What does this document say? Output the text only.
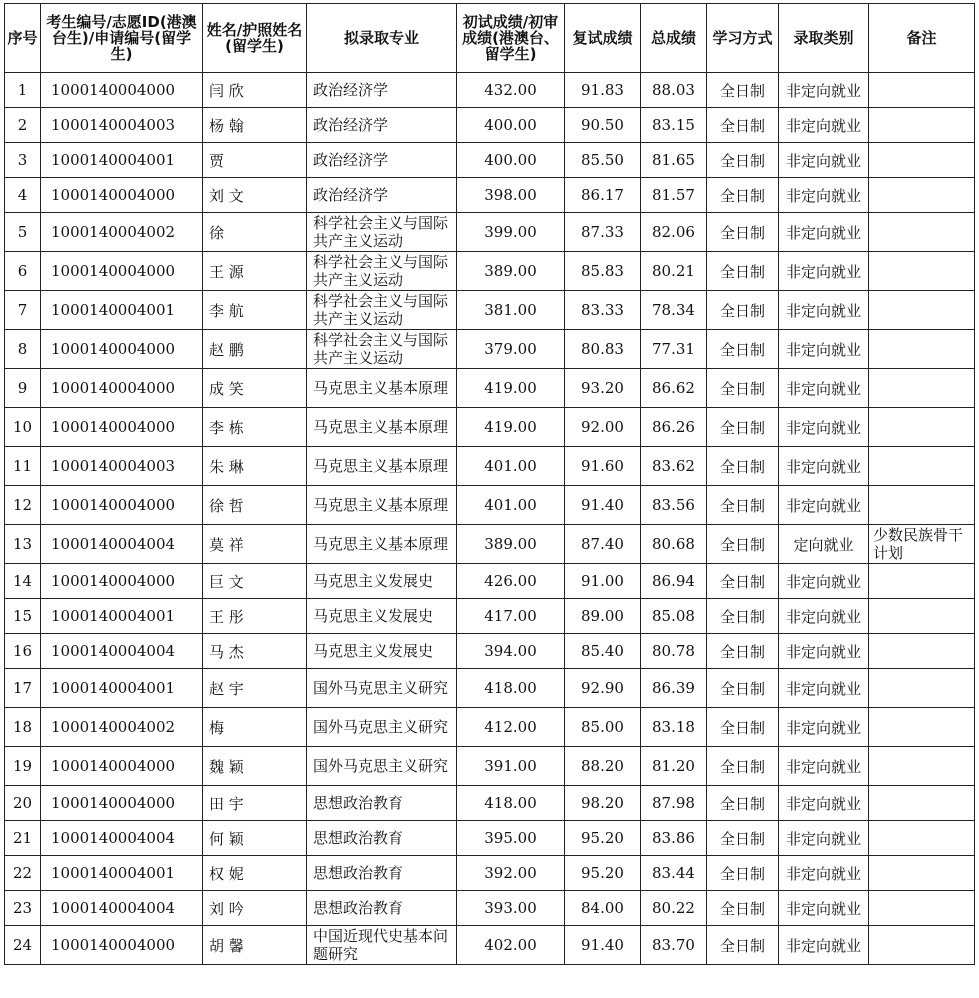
序号	考生编号/志愿ID(港澳台生)/申请编号(留学生)	姓名/护照姓名(留学生)	拟录取专业	初试成绩/初审成绩(港澳台、留学生)	复试成绩	总成绩	学习方式	录取类别	备注
1	1000140004000	闫 欣	政治经济学	432.00	91.83	88.03	全日制	非定向就业	
2	1000140004003	杨 翰	政治经济学	400.00	90.50	83.15	全日制	非定向就业	
3	1000140004001	贾	政治经济学	400.00	85.50	81.65	全日制	非定向就业	
4	1000140004000	刘 文	政治经济学	398.00	86.17	81.57	全日制	非定向就业	
5	1000140004002	徐	科学社会主义与国际共产主义运动	399.00	87.33	82.06	全日制	非定向就业	
6	1000140004000	王 源	科学社会主义与国际共产主义运动	389.00	85.83	80.21	全日制	非定向就业	
7	1000140004001	李 航	科学社会主义与国际共产主义运动	381.00	83.33	78.34	全日制	非定向就业	
8	1000140004000	赵 鹏	科学社会主义与国际共产主义运动	379.00	80.83	77.31	全日制	非定向就业	
9	1000140004000	成 笑	马克思主义基本原理	419.00	93.20	86.62	全日制	非定向就业	
10	1000140004000	李 栋	马克思主义基本原理	419.00	92.00	86.26	全日制	非定向就业	
11	1000140004003	朱 琳	马克思主义基本原理	401.00	91.60	83.62	全日制	非定向就业	
12	1000140004000	徐 哲	马克思主义基本原理	401.00	91.40	83.56	全日制	非定向就业	
13	1000140004004	莫 祥	马克思主义基本原理	389.00	87.40	80.68	全日制	定向就业	少数民族骨干计划
14	1000140004000	巨 文	马克思主义发展史	426.00	91.00	86.94	全日制	非定向就业	
15	1000140004001	王 彤	马克思主义发展史	417.00	89.00	85.08	全日制	非定向就业	
16	1000140004004	马 杰	马克思主义发展史	394.00	85.40	80.78	全日制	非定向就业	
17	1000140004001	赵 宇	国外马克思主义研究	418.00	92.90	86.39	全日制	非定向就业	
18	1000140004002	梅	国外马克思主义研究	412.00	85.00	83.18	全日制	非定向就业	
19	1000140004000	魏 颖	国外马克思主义研究	391.00	88.20	81.20	全日制	非定向就业	
20	1000140004000	田 宇	思想政治教育	418.00	98.20	87.98	全日制	非定向就业	
21	1000140004004	何 颖	思想政治教育	395.00	95.20	83.86	全日制	非定向就业	
22	1000140004001	权 妮	思想政治教育	392.00	95.20	83.44	全日制	非定向就业	
23	1000140004004	刘 吟	思想政治教育	393.00	84.00	80.22	全日制	非定向就业	
24	1000140004000	胡 馨	中国近现代史基本问题研究	402.00	91.40	83.70	全日制	非定向就业	
